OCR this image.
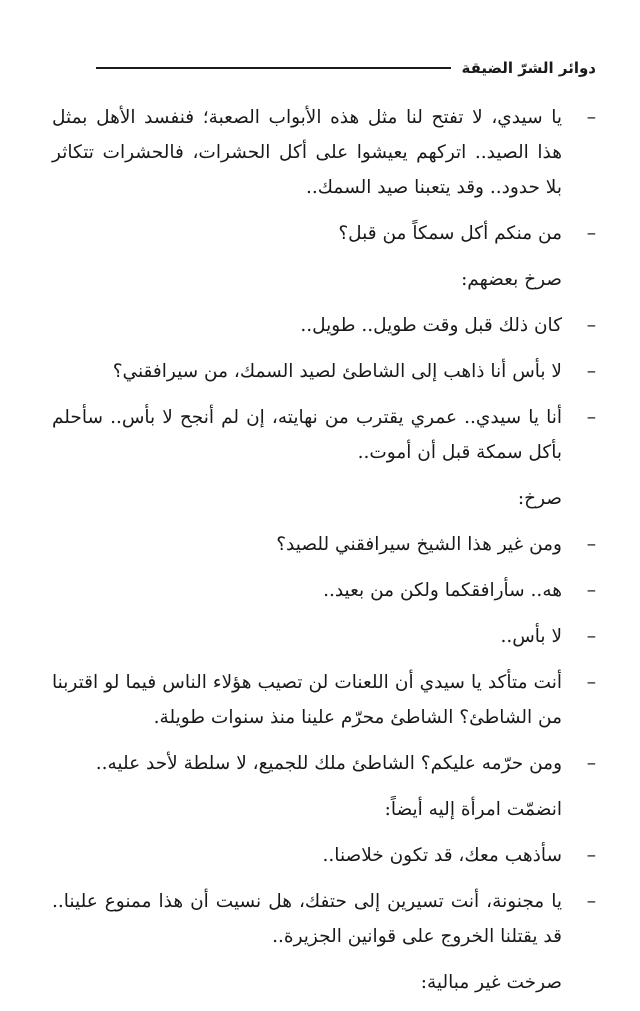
دوائر الشرّ الضيقة
–
يا سيدي، لا تفتح لنا مثل هذه الأبواب الصعبة؛ فنفسد الأهل بمثل هذا الصيد.. اتركهم يعيشوا على أكل الحشرات، فالحشرات تتكاثر بلا حدود.. وقد يتعبنا صيد السمك..
–
من منكم أكل سمكاً من قبل؟
صرخ بعضهم:
–
كان ذلك قبل وقت طويل.. طويل..
–
لا بأس أنا ذاهب إلى الشاطئ لصيد السمك، من سيرافقني؟
–
أنا يا سيدي.. عمري يقترب من نهايته، إن لم أنجح لا بأس.. سأحلم بأكل سمكة قبل أن أموت..
صرخ:
–
ومن غير هذا الشيخ سيرافقني للصيد؟
–
هه.. سأرافقكما ولكن من بعيد..
–
لا بأس..
–
أنت متأكد يا سيدي أن اللعنات لن تصيب هؤلاء الناس فيما لو اقتربنا من الشاطئ؟ الشاطئ محرّم علينا منذ سنوات طويلة.
–
ومن حرّمه عليكم؟ الشاطئ ملك للجميع، لا سلطة لأحد عليه..
انضمّت امرأة إليه أيضاً:
–
سأذهب معك، قد تكون خلاصنا..
–
يا مجنونة، أنت تسيرين إلى حتفك، هل نسيت أن هذا ممنوع علينا.. قد يقتلنا الخروج على قوانين الجزيرة..
صرخت غير مبالية:
